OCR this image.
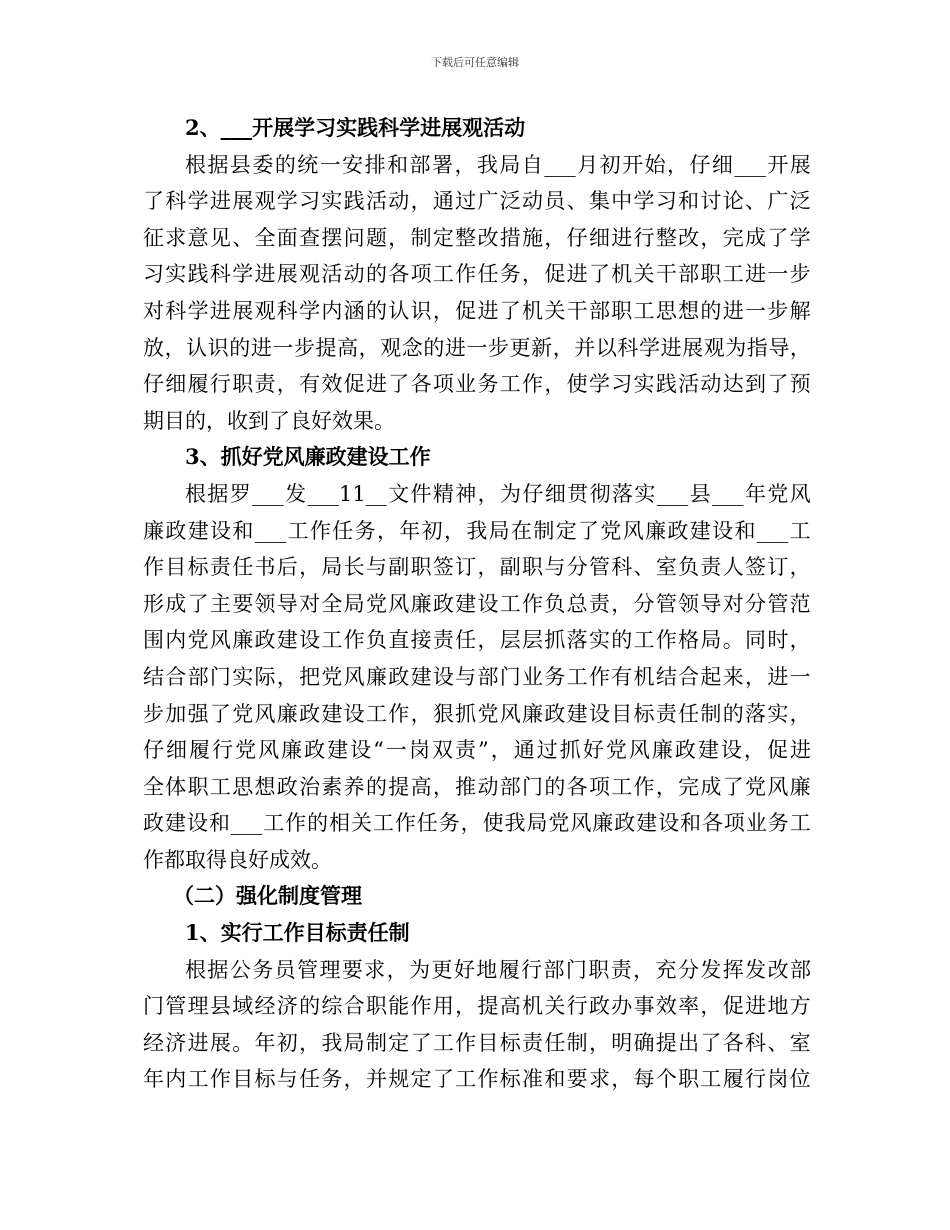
下载后可任意编辑
2、___开展学习实践科学进展观活动
根 据 县 委 的 统 一 安 排 和 部 署 ， 我 局 自 ___ 月 初 开 始 ， 仔 细 ___ 开 展
了 科 学 进 展 观 学 习 实 践 活 动 ， 通 过 广 泛 动 员 、 集 中 学 习 和 讨 论 、 广 泛
征 求 意 见 、 全 面 查 摆 问 题 ， 制 定 整 改 措 施 ， 仔 细 进 行 整 改 ， 完 成 了 学
习 实 践 科 学 进 展 观 活 动 的 各 项 工 作 任 务 ， 促 进 了 机 关 干 部 职 工 进 一 步
对 科 学 进 展 观 科 学 内 涵 的 认 识 ， 促 进 了 机 关 干 部 职 工 思 想 的 进 一 步 解
放 ， 认 识 的 进 一 步 提 高 ， 观 念 的 进 一 步 更 新 ， 并 以 科 学 进 展 观 为 指 导 ，
仔 细 履 行 职 责 ， 有 效 促 进 了 各 项 业 务 工 作 ， 使 学 习 实 践 活 动 达 到 了 预
期目的，收到了良好效果。
3、抓好党风廉政建设工作
根 据 罗 ___ 发 ___11__ 文 件 精 神 ， 为 仔 细 贯 彻 落 实 ___ 县 ___ 年 党 风
廉 政 建 设 和 ___ 工 作 任 务 ， 年 初 ， 我 局 在 制 定 了 党 风 廉 政 建 设 和 ___ 工
作 目 标 责 任 书 后 ， 局 长 与 副 职 签 订 ， 副 职 与 分 管 科 、 室 负 责 人 签 订 ，
形 成 了 主 要 领 导 对 全 局 党 风 廉 政 建 设 工 作 负 总 责 ， 分 管 领 导 对 分 管 范
围 内 党 风 廉 政 建 设 工 作 负 直 接 责 任 ， 层 层 抓 落 实 的 工 作 格 局 。 同 时 ，
结 合 部 门 实 际 ， 把 党 风 廉 政 建 设 与 部 门 业 务 工 作 有 机 结 合 起 来 ， 进 一
步 加 强 了 党 风 廉 政 建 设 工 作 ， 狠 抓 党 风 廉 政 建 设 目 标 责 任 制 的 落 实 ，
仔 细 履 行 党 风 廉 政 建 设 “ 一 岗 双 责 ” ， 通 过 抓 好 党 风 廉 政 建 设 ， 促 进
全 体 职 工 思 想 政 治 素 养 的 提 高 ， 推 动 部 门 的 各 项 工 作 ， 完 成 了 党 风 廉
政 建 设 和 ___ 工 作 的 相 关 工 作 任 务 ， 使 我 局 党 风 廉 政 建 设 和 各 项 业 务 工
作都取得良好成效。
（二）强化制度管理
1、实行工作目标责任制
根 据 公 务 员 管 理 要 求 ， 为 更 好 地 履 行 部 门 职 责 ， 充 分 发 挥 发 改 部
门 管 理 县 域 经 济 的 综 合 职 能 作 用 ， 提 高 机 关 行 政 办 事 效 率 ， 促 进 地 方
经 济 进 展 。 年 初 ， 我 局 制 定 了 工 作 目 标 责 任 制 ， 明 确 提 出 了 各 科 、 室
年 内 工 作 目 标 与 任 务 ， 并 规 定 了 工 作 标 准 和 要 求 ， 每 个 职 工 履 行 岗 位
